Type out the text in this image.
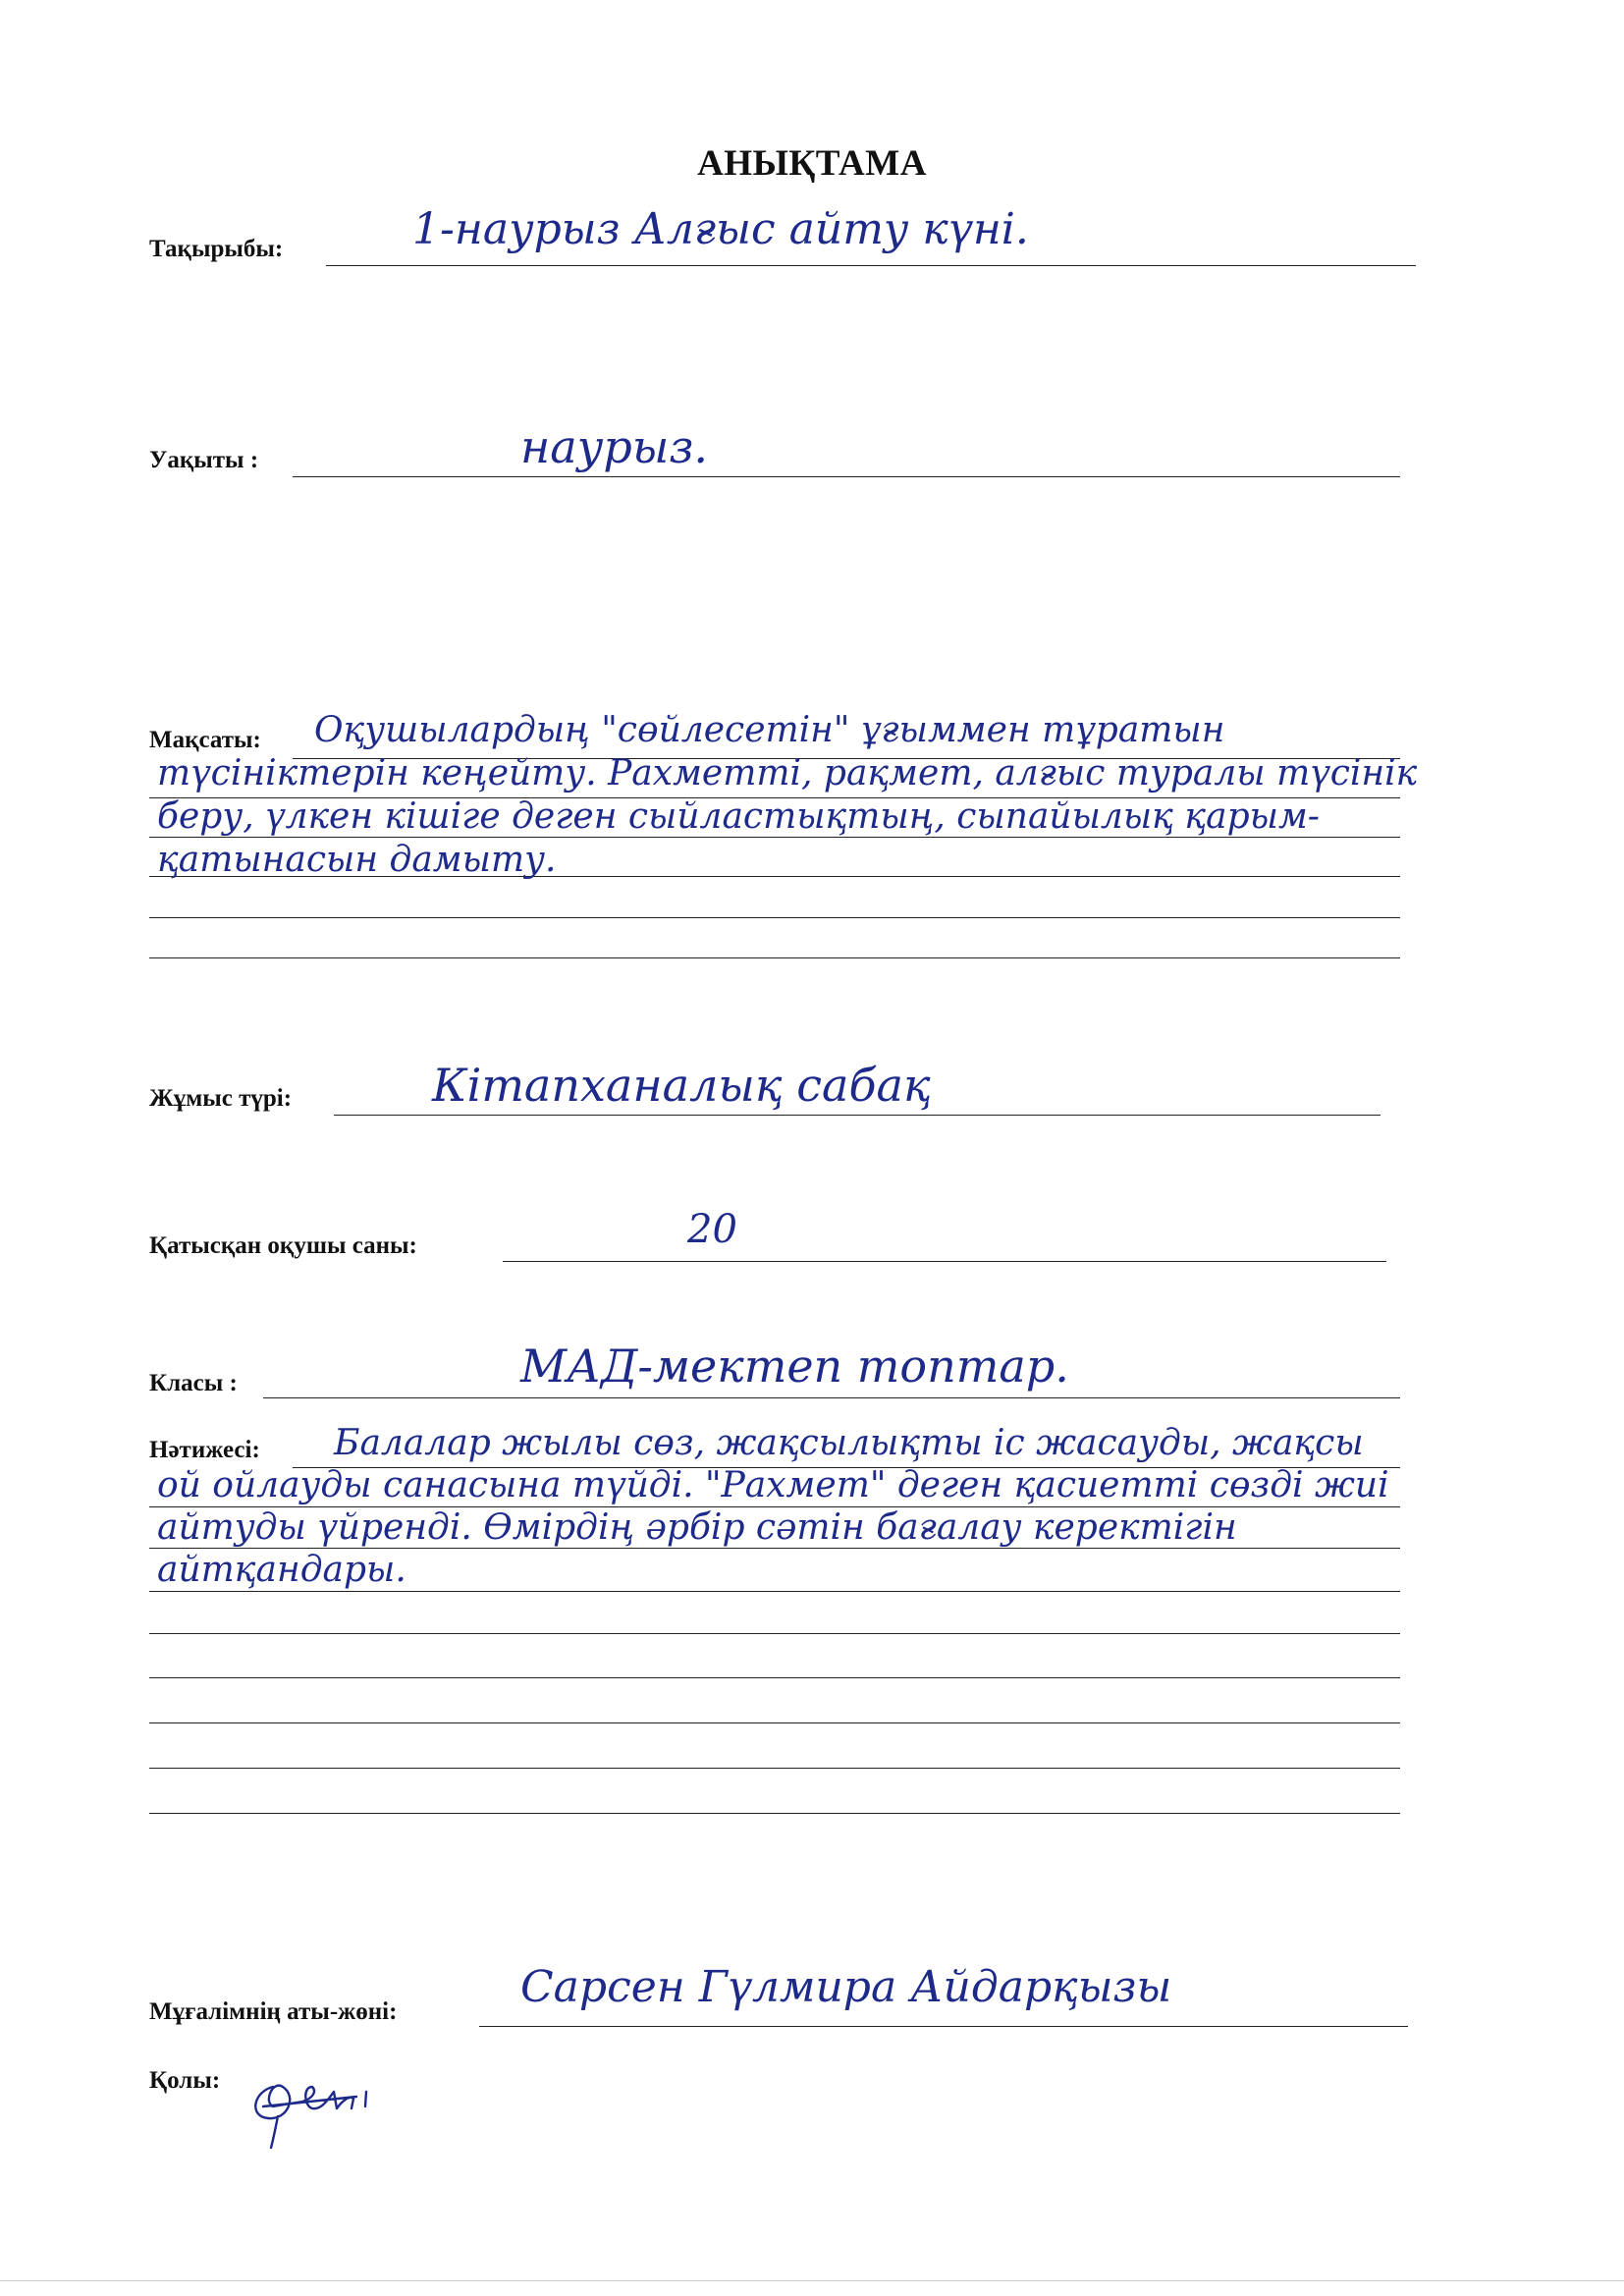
АНЫҚТАМА
Тақырыбы:	1-наурыз Алғыс айту күні.
Уақыты :	наурыз.
Мақсаты:	Оқушылардың "сөйлесетін" ұғыммен тұратын түсініктерін кеңейту. Рахметті, рақмет, алғыс туралы түсінік беру, үлкен кішіге деген сыйластықтың, сыпайылық қарым-қатынасын дамыту.
Жұмыс түрі:	Кітапханалық сабақ
Қатысқан оқушы саны:	20
Класы :	МАД-мектеп топтар.
Нәтижесі:	Балалар жылы сөз, жақсылықты іс жасауды, жақсы ой ойлауды санасына түйді. "Рахмет" деген қасиетті сөзді жиі айтуды үйренді. Өмірдің әрбір сәтін бағалау керектігін айтқандары.
Мұғалімнің аты-жөні:	Сарсен Гүлмира Айдарқызы
Қолы:
